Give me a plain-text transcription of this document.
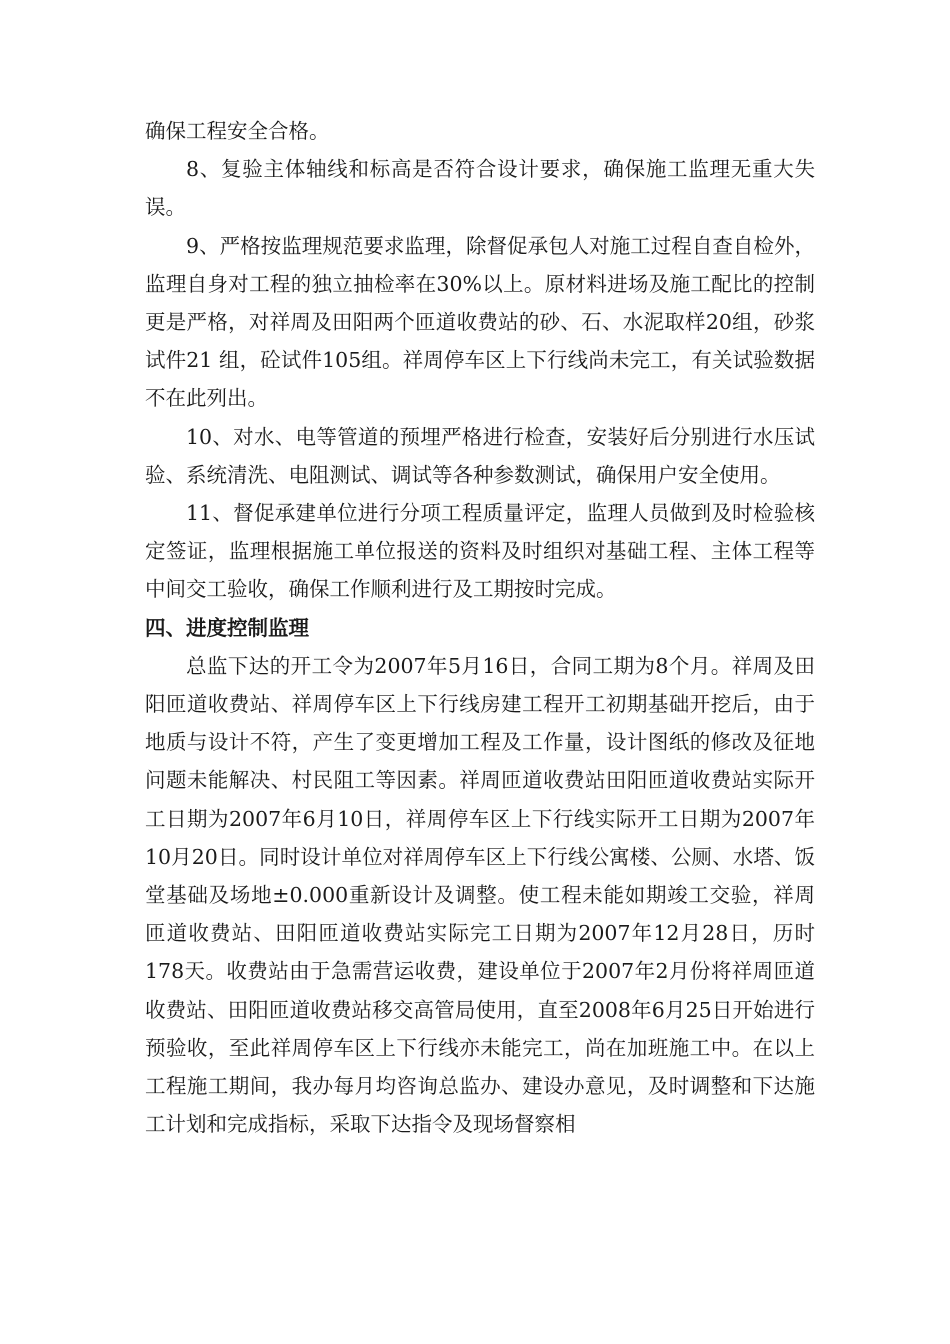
确保工程安全合格。

8、复验主体轴线和标高是否符合设计要求，确保施工监理无重大失误。

9、严格按监理规范要求监理，除督促承包人对施工过程自查自检外，监理自身对工程的独立抽检率在30%以上。原材料进场及施工配比的控制更是严格，对祥周及田阳两个匝道收费站的砂、石、水泥取样20组，砂浆试件21 组，砼试件105组。祥周停车区上下行线尚未完工，有关试验数据不在此列出。

10、对水、电等管道的预埋严格进行检查，安装好后分别进行水压试验、系统清洗、电阻测试、调试等各种参数测试，确保用户安全使用。

11、督促承建单位进行分项工程质量评定，监理人员做到及时检验核定签证，监理根据施工单位报送的资料及时组织对基础工程、主体工程等中间交工验收，确保工作顺利进行及工期按时完成。

四、进度控制监理

总监下达的开工令为2007年5月16日，合同工期为8个月。祥周及田阳匝道收费站、祥周停车区上下行线房建工程开工初期基础开挖后，由于地质与设计不符，产生了变更增加工程及工作量，设计图纸的修改及征地问题未能解决、村民阻工等因素。祥周匝道收费站田阳匝道收费站实际开工日期为2007年6月10日，祥周停车区上下行线实际开工日期为2007年10月20日。同时设计单位对祥周停车区上下行线公寓楼、公厕、水塔、饭堂基础及场地±0.000重新设计及调整。使工程未能如期竣工交验，祥周匝道收费站、田阳匝道收费站实际完工日期为2007年12月28日，历时178天。收费站由于急需营运收费，建设单位于2007年2月份将祥周匝道收费站、田阳匝道收费站移交高管局使用，直至2008年6月25日开始进行预验收，至此祥周停车区上下行线亦未能完工，尚在加班施工中。在以上工程施工期间，我办每月均咨询总监办、建设办意见，及时调整和下达施工计划和完成指标，采取下达指令及现场督察相
